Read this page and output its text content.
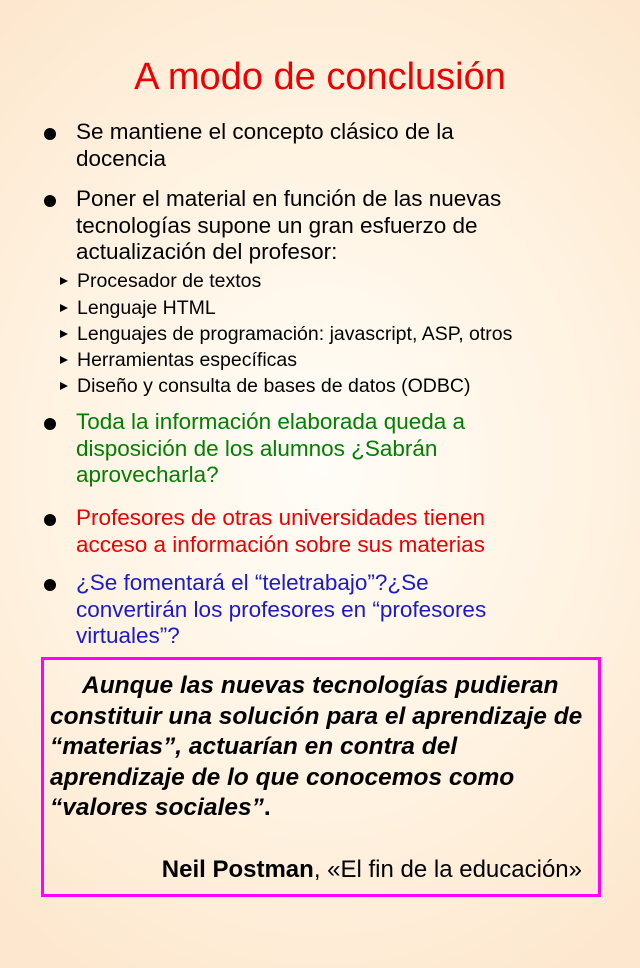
A modo de conclusión
Se mantiene el concepto clásico de la
docencia
Poner el material en función de las nuevas
tecnologías supone un gran esfuerzo de
actualización del profesor:
Procesador de textos
Lenguaje HTML
Lenguajes de programación: javascript, ASP, otros
Herramientas específicas
Diseño y consulta de bases de datos (ODBC)
Toda la información elaborada queda a
disposición de los alumnos ¿Sabrán
aprovecharla?
Profesores de otras universidades tienen
acceso a información sobre sus materias
¿Se fomentará el “teletrabajo”?¿Se
convertirán los profesores en “profesores
virtuales”?
Aunque las nuevas tecnologías pudieran constituir una solución para el aprendizaje de “materias”, actuarían en contra del aprendizaje de lo que conocemos como “valores sociales”.
Neil Postman, «El fin de la educación»
